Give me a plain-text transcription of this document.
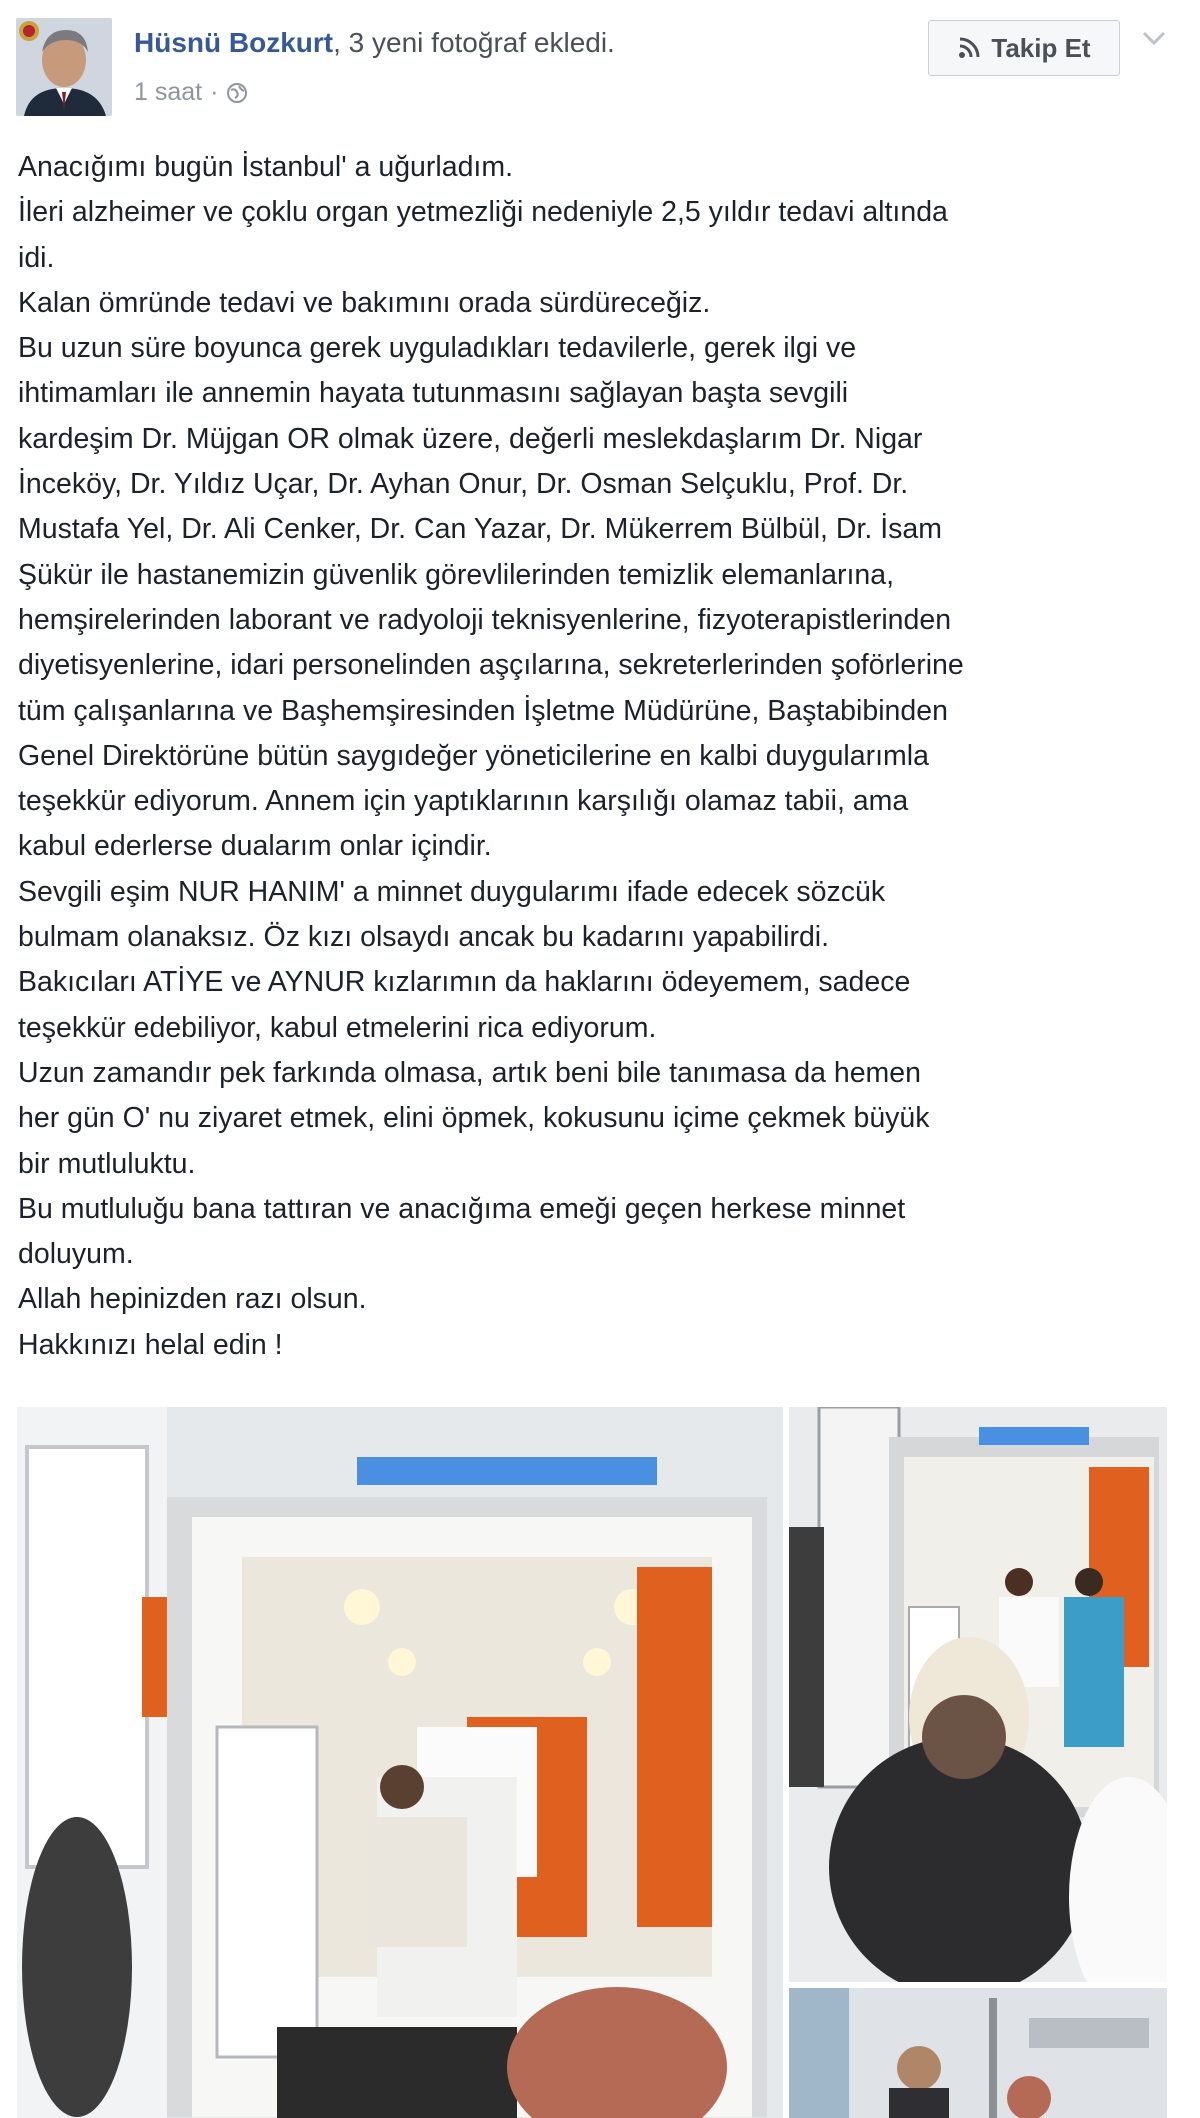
Hüsnü Bozkurt, 3 yeni fotoğraf ekledi.
1 saat ·
Takip Et

Anacığımı bugün İstanbul' a uğurladım.

İleri alzheimer ve çoklu organ yetmezliği nedeniyle 2,5 yıldır tedavi altında

idi.

Kalan ömründe tedavi ve bakımını orada sürdüreceğiz.

Bu uzun süre boyunca gerek uyguladıkları tedavilerle, gerek ilgi ve

ihtimamları ile annemin hayata tutunmasını sağlayan başta sevgili

kardeşim Dr. Müjgan OR olmak üzere, değerli meslekdaşlarım Dr. Nigar

İnceköy, Dr. Yıldız Uçar, Dr. Ayhan Onur, Dr. Osman Selçuklu, Prof. Dr.

Mustafa Yel, Dr. Ali Cenker, Dr. Can Yazar, Dr. Mükerrem Bülbül, Dr. İsam

Şükür ile hastanemizin güvenlik görevlilerinden temizlik elemanlarına,

hemşirelerinden laborant ve radyoloji teknisyenlerine, fizyoterapistlerinden

diyetisyenlerine, idari personelinden aşçılarına, sekreterlerinden şoförlerine

tüm çalışanlarına ve Başhemşiresinden İşletme Müdürüne, Baştabibinden

Genel Direktörüne bütün saygıdeğer yöneticilerine en kalbi duygularımla

teşekkür ediyorum. Annem için yaptıklarının karşılığı olamaz tabii, ama

kabul ederlerse dualarım onlar içindir.

Sevgili eşim NUR HANIM' a minnet duygularımı ifade edecek sözcük

bulmam olanaksız. Öz kızı olsaydı ancak bu kadarını yapabilirdi.

Bakıcıları ATİYE ve AYNUR kızlarımın da haklarını ödeyemem, sadece

teşekkür edebiliyor, kabul etmelerini rica ediyorum.

Uzun zamandır pek farkında olmasa, artık beni bile tanımasa da hemen

her gün O' nu ziyaret etmek, elini öpmek, kokusunu içime çekmek büyük

bir mutluluktu.

Bu mutluluğu bana tattıran ve anacığıma emeği geçen herkese minnet

doluyum.

Allah hepinizden razı olsun.

Hakkınızı helal edin !
